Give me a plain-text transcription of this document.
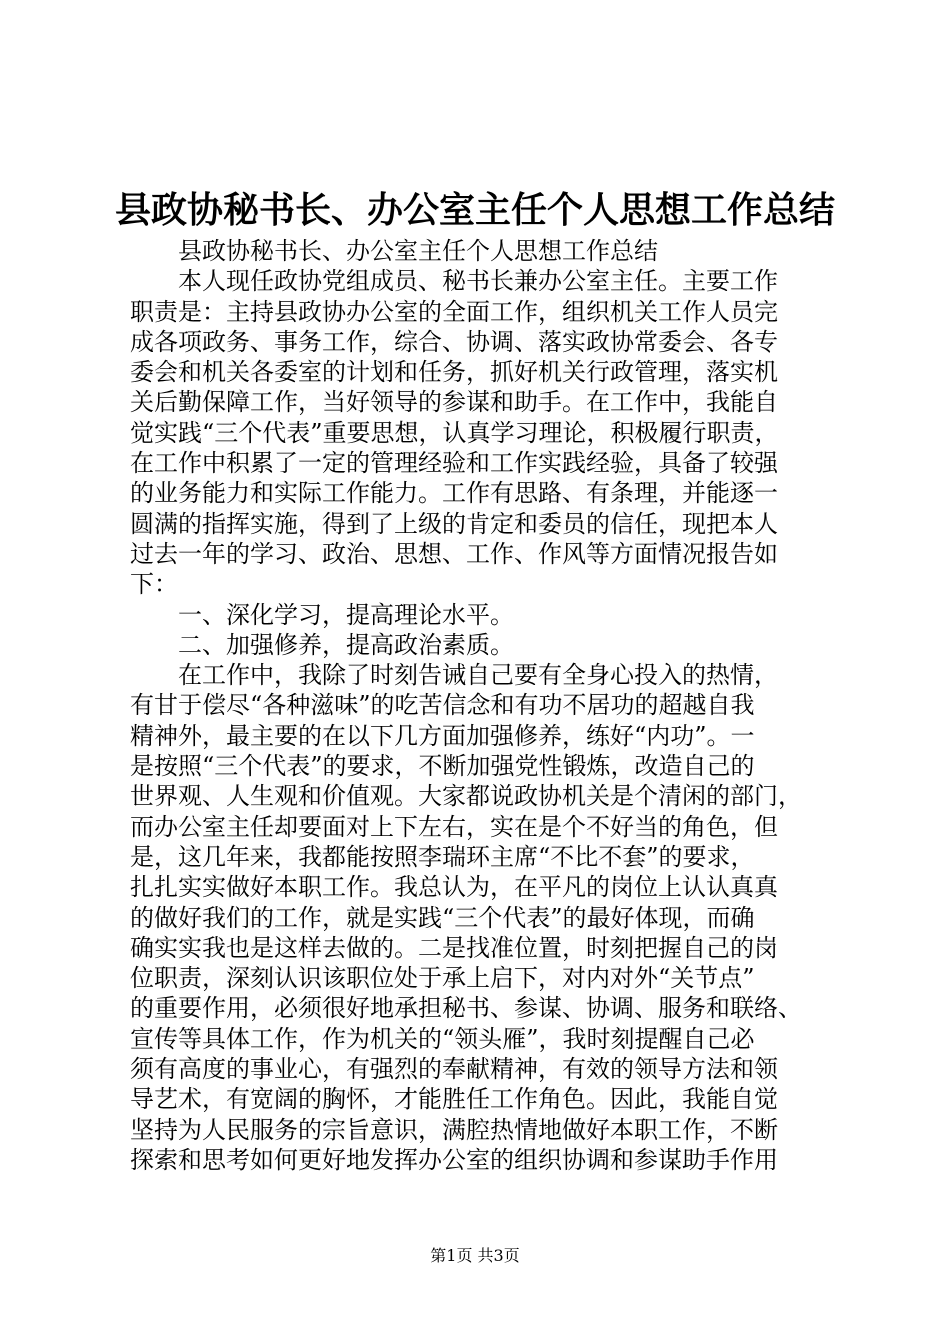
县政协秘书长、办公室主任个人思想工作总结

县政协秘书长、办公室主任个人思想工作总结

本人现任政协党组成员、秘书长兼办公室主任。主要工作

职责是：主持县政协办公室的全面工作，组织机关工作人员完

成各项政务、事务工作，综合、协调、落实政协常委会、各专

委会和机关各委室的计划和任务，抓好机关行政管理，落实机

关后勤保障工作，当好领导的参谋和助手。在工作中，我能自

觉实践“三个代表”重要思想，认真学习理论，积极履行职责，

在工作中积累了一定的管理经验和工作实践经验，具备了较强

的业务能力和实际工作能力。工作有思路、有条理，并能逐一

圆满的指挥实施，得到了上级的肯定和委员的信任，现把本人

过去一年的学习、政治、思想、工作、作风等方面情况报告如

下：

一、深化学习，提高理论水平。

二、加强修养，提高政治素质。

在工作中，我除了时刻告诫自己要有全身心投入的热情，

有甘于偿尽“各种滋味”的吃苦信念和有功不居功的超越自我

精神外，最主要的在以下几方面加强修养，练好“内功”。一

是按照“三个代表”的要求，不断加强党性锻炼，改造自己的

世界观、人生观和价值观。大家都说政协机关是个清闲的部门，

而办公室主任却要面对上下左右，实在是个不好当的角色，但

是，这几年来，我都能按照李瑞环主席“不比不套”的要求，

扎扎实实做好本职工作。我总认为，在平凡的岗位上认认真真

的做好我们的工作，就是实践“三个代表”的最好体现，而确

确实实我也是这样去做的。二是找准位置，时刻把握自己的岗

位职责，深刻认识该职位处于承上启下，对内对外“关节点”

的重要作用，必须很好地承担秘书、参谋、协调、服务和联络、

宣传等具体工作，作为机关的“领头雁”，我时刻提醒自己必

须有高度的事业心，有强烈的奉献精神，有效的领导方法和领

导艺术，有宽阔的胸怀，才能胜任工作角色。因此，我能自觉

坚持为人民服务的宗旨意识，满腔热情地做好本职工作，不断

探索和思考如何更好地发挥办公室的组织协调和参谋助手作用

第1页 共3页
